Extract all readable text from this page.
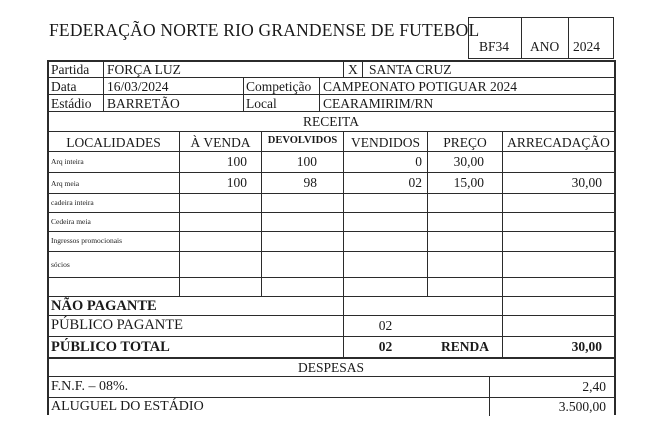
FEDERAÇÃO NORTE RIO GRANDENSE DE FUTEBOL
BF34 ANO 2024
Partida FORÇA LUZ	X SANTA CRUZ
Data 16/03/2024	Competição CAMPEONATO POTIGUAR 2024
Estádio BARRETÃO	Local	CEARAMIRIM/RN
RECEITA
LOCALIDADES	À VENDA	DEVOLVIDOS	VENDIDOS	PREÇO	ARRECADAÇÃO
Arq inteira	100	100	0	30,00
Arq meia	100	98	02	15,00	30,00
cadeira inteira
Cedeira meia
Ingressos promocionais
sócios
NÃO PAGANTE
PÚBLICO PAGANTE	02
PÚBLICO TOTAL	02	RENDA	30,00
DESPESAS
F.N.F. – 08%.	2,40
ALUGUEL DO ESTÁDIO	3.500,00
